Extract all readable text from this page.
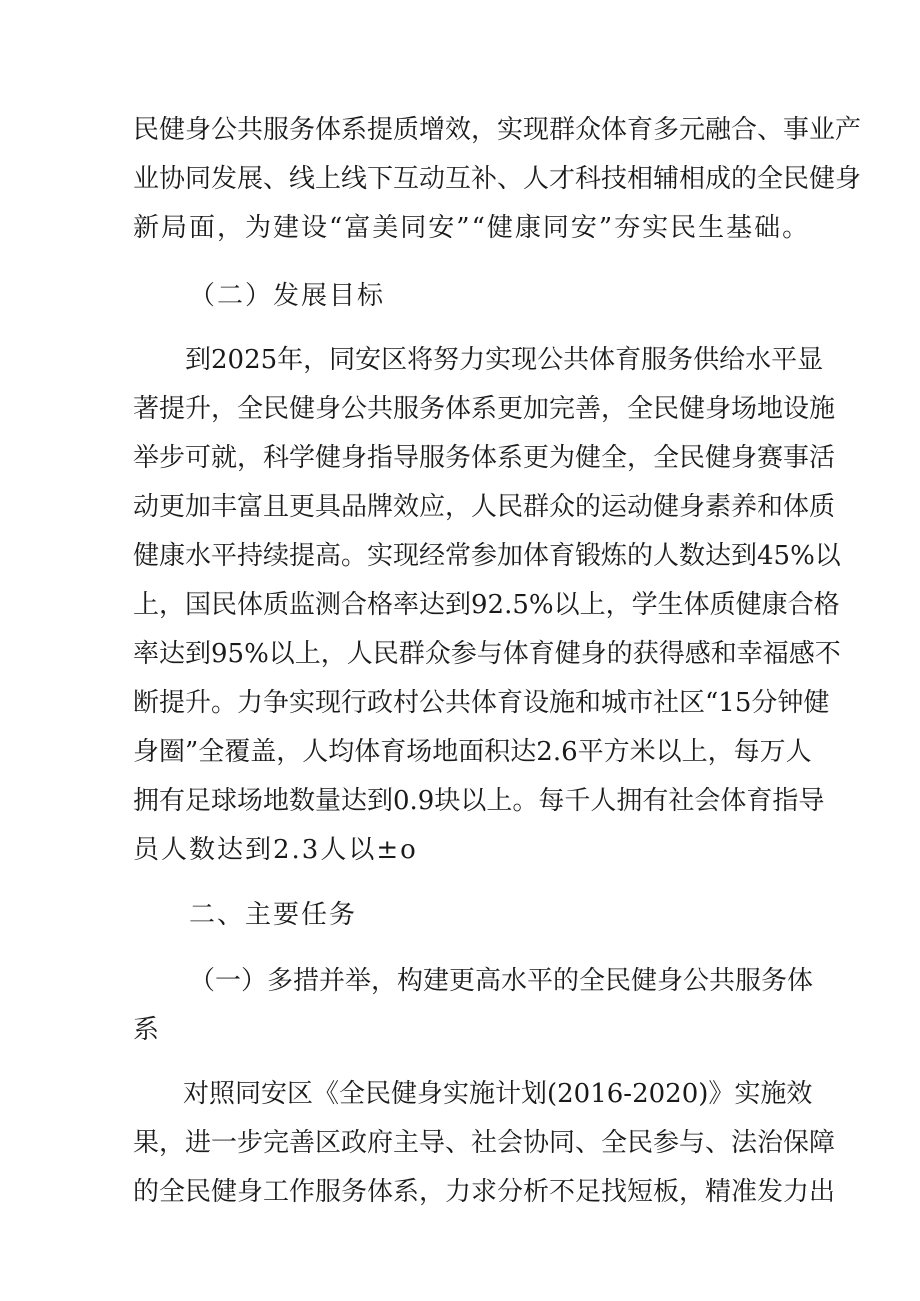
民健身公共服务体系提质增效，实现群众体育多元融合、事业产
业协同发展、线上线下互动互补、人才科技相辅相成的全民健身
新局面，为建设“富美同安”“健康同安”夯实民生基础。
（二）发展目标
到2025年，同安区将努力实现公共体育服务供给水平显
著提升，全民健身公共服务体系更加完善，全民健身场地设施
举步可就，科学健身指导服务体系更为健全，全民健身赛事活
动更加丰富且更具品牌效应，人民群众的运动健身素养和体质
健康水平持续提高。实现经常参加体育锻炼的人数达到45%以
上，国民体质监测合格率达到92.5%以上，学生体质健康合格
率达到95%以上，人民群众参与体育健身的获得感和幸福感不
断提升。力争实现行政村公共体育设施和城市社区“15分钟健
身圈”全覆盖，人均体育场地面积达2.6平方米以上，每万人
拥有足球场地数量达到0.9块以上。每千人拥有社会体育指导
员人数达到2.3人以±o
二、主要任务
（一）多措并举，构建更高水平的全民健身公共服务体
系
对照同安区《全民健身实施计划(2016-2020)》实施效
果，进一步完善区政府主导、社会协同、全民参与、法治保障
的全民健身工作服务体系，力求分析不足找短板，精准发力出
